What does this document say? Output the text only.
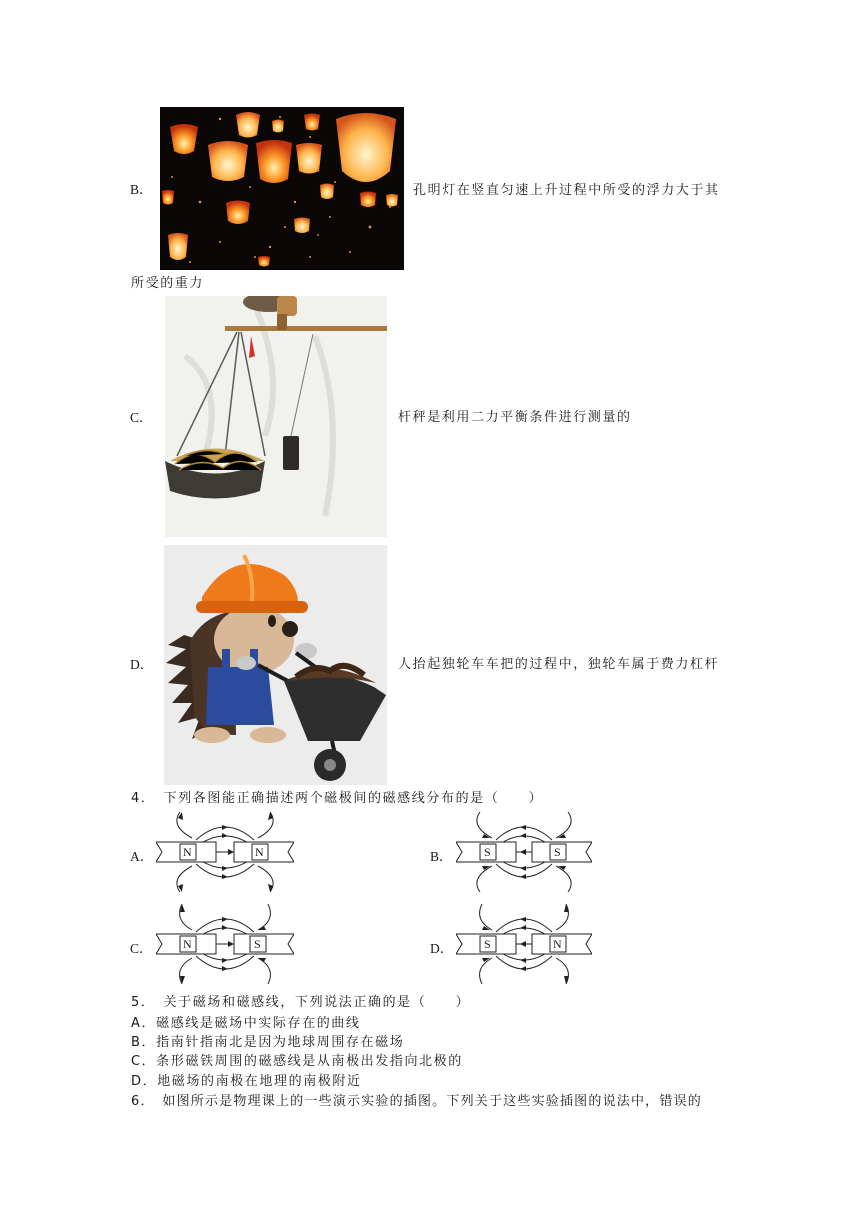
B．	孔明灯在竖直匀速上升过程中所受的浮力大于其
所受的重力
C．	杆秤是利用二力平衡条件进行测量的
D．	人抬起独轮车车把的过程中，独轮车属于费力杠杆
4．　下列各图能正确描述两个磁极间的磁感线分布的是（　　）
A． N	N	B．	S	S
C．	N	S	D．	S	N
5．　关于磁场和磁感线，下列说法正确的是（　　）
A．磁感线是磁场中实际存在的曲线
B．指南针指南北是因为地球周围存在磁场
C．条形磁铁周围的磁感线是从南极出发指向北极的
D．地磁场的南极在地理的南极附近
6．　如图所示是物理课上的一些演示实验的插图。下列关于这些实验插图的说法中，错误的
